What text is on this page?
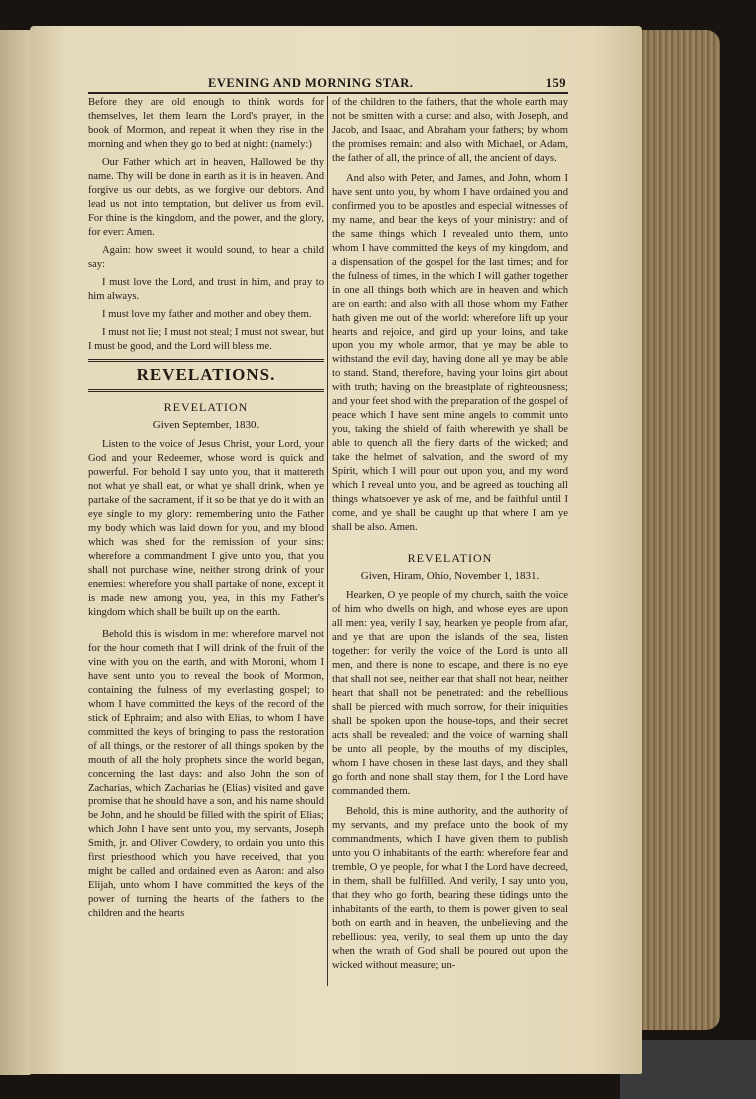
EVENING AND MORNING STAR.	159

Before they are old enough to think words for themselves, let them learn the Lord's prayer, in the book of Mormon, and repeat it when they rise in the morning and when they go to bed at night: (namely:)

Our Father which art in heaven, Hallowed be thy name. Thy will be done in earth as it is in heaven. And forgive us our debts, as we forgive our debtors. And lead us not into temptation, but deliver us from evil. For thine is the kingdom, and the power, and the glory, for ever: Amen.

Again: how sweet it would sound, to hear a child say:

I must love the Lord, and trust in him, and pray to him always.

I must love my father and mother and obey them.

I must not lie; I must not steal; I must not swear, but I must be good, and the Lord will bless me.

REVELATIONS.

REVELATION

Given September, 1830.

Listen to the voice of Jesus Christ, your Lord, your God and your Redeemer, whose word is quick and powerful. For behold I say unto you, that it mattereth not what ye shall eat, or what ye shall drink, when ye partake of the sacrament, if it so be that ye do it with an eye single to my glory: remembering unto the Father my body which was laid down for you, and my blood which was shed for the remission of your sins: wherefore a commandment I give unto you, that you shall not purchase wine, neither strong drink of your enemies: wherefore you shall partake of none, except it is made new among you, yea, in this my Father's kingdom which shall be built up on the earth.

Behold this is wisdom in me: wherefore marvel not for the hour cometh that I will drink of the fruit of the vine with you on the earth, and with Moroni, whom I have sent unto you to reveal the book of Mormon, containing the fulness of my everlasting gospel; to whom I have committed the keys of the record of the stick of Ephraim; and also with Elias, to whom I have committed the keys of bringing to pass the restoration of all things, or the restorer of all things spoken by the mouth of all the holy prophets since the world began, concerning the last days: and also John the son of Zacharias, which Zacharias he (Elias) visited and gave promise that he should have a son, and his name should be John, and he should be filled with the spirit of Elias; which John I have sent unto you, my servants, Joseph Smith, jr. and Oliver Cowdery, to ordain you unto this first priesthood which you have received, that you might be called and ordained even as Aaron: and also Elijah, unto whom I have committed the keys of the power of turning the hearts of the fathers to the children and the hearts

of the children to the fathers, that the whole earth may not be smitten with a curse: and also, with Joseph, and Jacob, and Isaac, and Abraham your fathers; by whom the promises remain: and also with Michael, or Adam, the father of all, the prince of all, the ancient of days.

And also with Peter, and James, and John, whom I have sent unto you, by whom I have ordained you and confirmed you to be apostles and especial witnesses of my name, and bear the keys of your ministry: and of the same things which I revealed unto them, unto whom I have committed the keys of my kingdom, and a dispensation of the gospel for the last times; and for the fulness of times, in the which I will gather together in one all things both which are in heaven and which are on earth: and also with all those whom my Father hath given me out of the world: wherefore lift up your hearts and rejoice, and gird up your loins, and take upon you my whole armor, that ye may be able to withstand the evil day, having done all ye may be able to stand. Stand, therefore, having your loins girt about with truth; having on the breastplate of righteousness; and your feet shod with the preparation of the gospel of peace which I have sent mine angels to commit unto you, taking the shield of faith wherewith ye shall be able to quench all the fiery darts of the wicked; and take the helmet of salvation, and the sword of my Spirit, which I will pour out upon you, and my word which I reveal unto you, and be agreed as touching all things whatsoever ye ask of me, and be faithful until I come, and ye shall be caught up that where I am ye shall be also. Amen.

REVELATION

Given, Hiram, Ohio, November 1, 1831.

Hearken, O ye people of my church, saith the voice of him who dwells on high, and whose eyes are upon all men: yea, verily I say, hearken ye people from afar, and ye that are upon the islands of the sea, listen together: for verily the voice of the Lord is unto all men, and there is none to escape, and there is no eye that shall not see, neither ear that shall not hear, neither heart that shall not be penetrated: and the rebellious shall be pierced with much sorrow, for their iniquities shall be spoken upon the house-tops, and their secret acts shall be revealed: and the voice of warning shall be unto all people, by the mouths of my disciples, whom I have chosen in these last days, and they shall go forth and none shall stay them, for I the Lord have commanded them.

Behold, this is mine authority, and the authority of my servants, and my preface unto the book of my commandments, which I have given them to publish unto you O inhabitants of the earth: wherefore fear and tremble, O ye people, for what I the Lord have decreed, in them, shall be fulfilled. And verily, I say unto you, that they who go forth, bearing these tidings unto the inhabitants of the earth, to them is power given to seal both on earth and in heaven, the unbelieving and the rebellious: yea, verily, to seal them up unto the day when the wrath of God shall be poured out upon the wicked without measure; un-
